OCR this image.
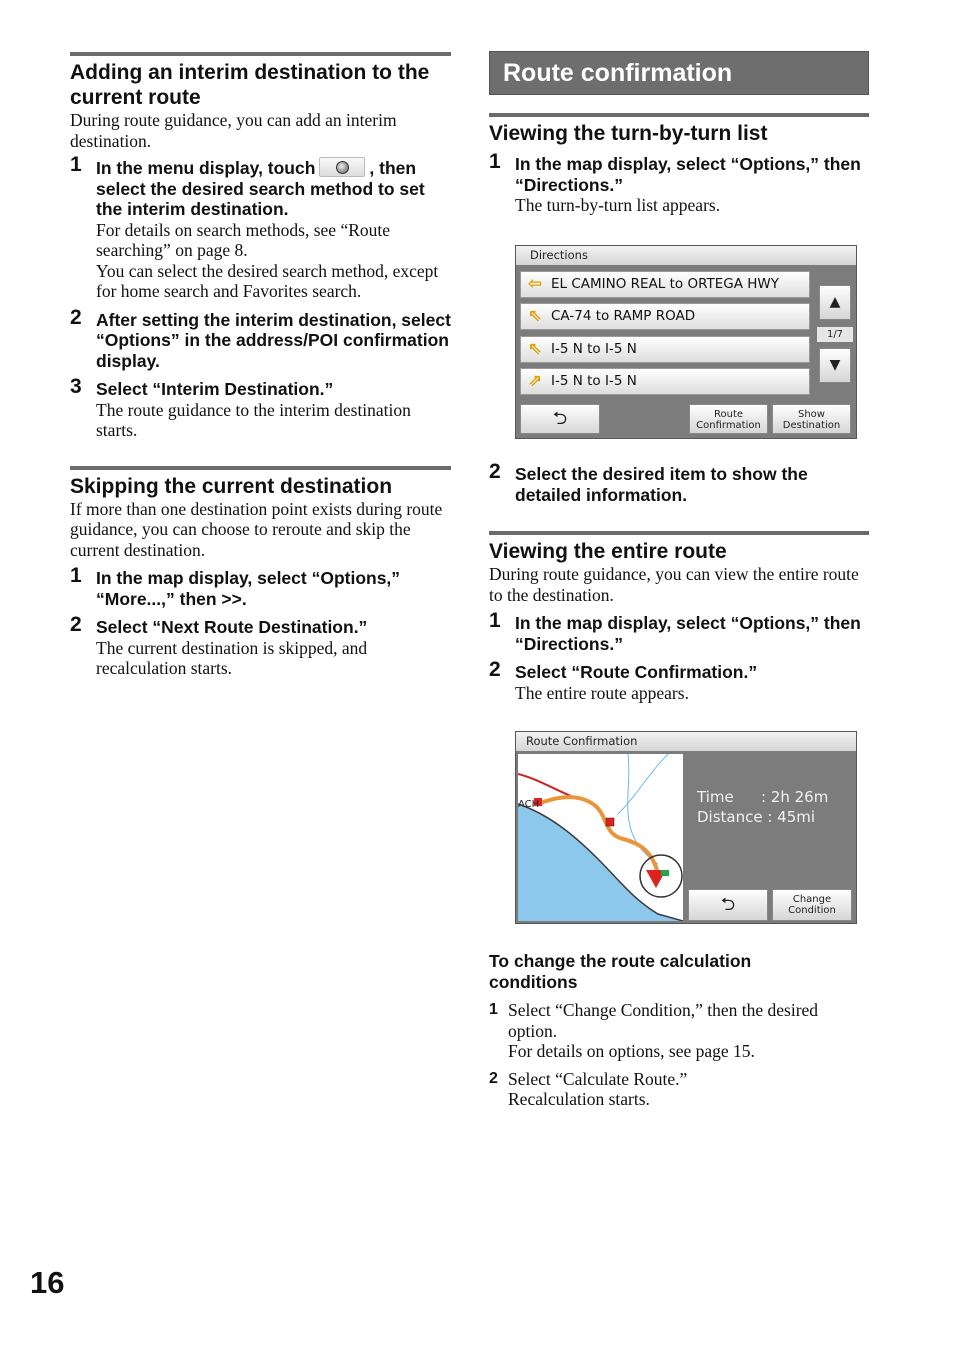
Adding an interim destination to the current route
During route guidance, you can add an interim destination.
1 In the menu display, touch	, then select the desired search method to set the interim destination.
For details on search methods, see “Route searching” on page 8.
You can select the desired search method, except for home search and Favorites search.
2 After setting the interim destination, select “Options” in the address/POI confirmation display.
3 Select “Interim Destination.”
The route guidance to the interim destination starts.
Skipping the current destination
If more than one destination point exists during route guidance, you can choose to reroute and skip the current destination.
1 In the map display, select “Options,” “More...,” then >>.
2 Select “Next Route Destination.”
The current destination is skipped, and recalculation starts.
Route confirmation
Viewing the turn-by-turn list
1 In the map display, select “Options,” then “Directions.”
The turn-by-turn list appears.
Directions
⇦ EL CAMINO REAL to ORTEGA HWY
⇖ CA-74 to RAMP ROAD
⇖ I-5 N to I-5 N
⇗ I-5 N to I-5 N
▲
1/7
▼
⮌	Route
Confirmation
Show
Destination
2 Select the desired item to show the detailed information.
Viewing the entire route
During route guidance, you can view the entire route to the destination.
1 In the map display, select “Options,” then “Directions.”
2 Select “Route Confirmation.”
The entire route appears.
Route Confirmation
ACH	Time : 2h 26m
Distance : 45mi
⮌	Change
Condition
To change the route calculation conditions
1 Select “Change Condition,” then the desired option.
For details on options, see page 15.
2 Select “Calculate Route.”
Recalculation starts.
16
